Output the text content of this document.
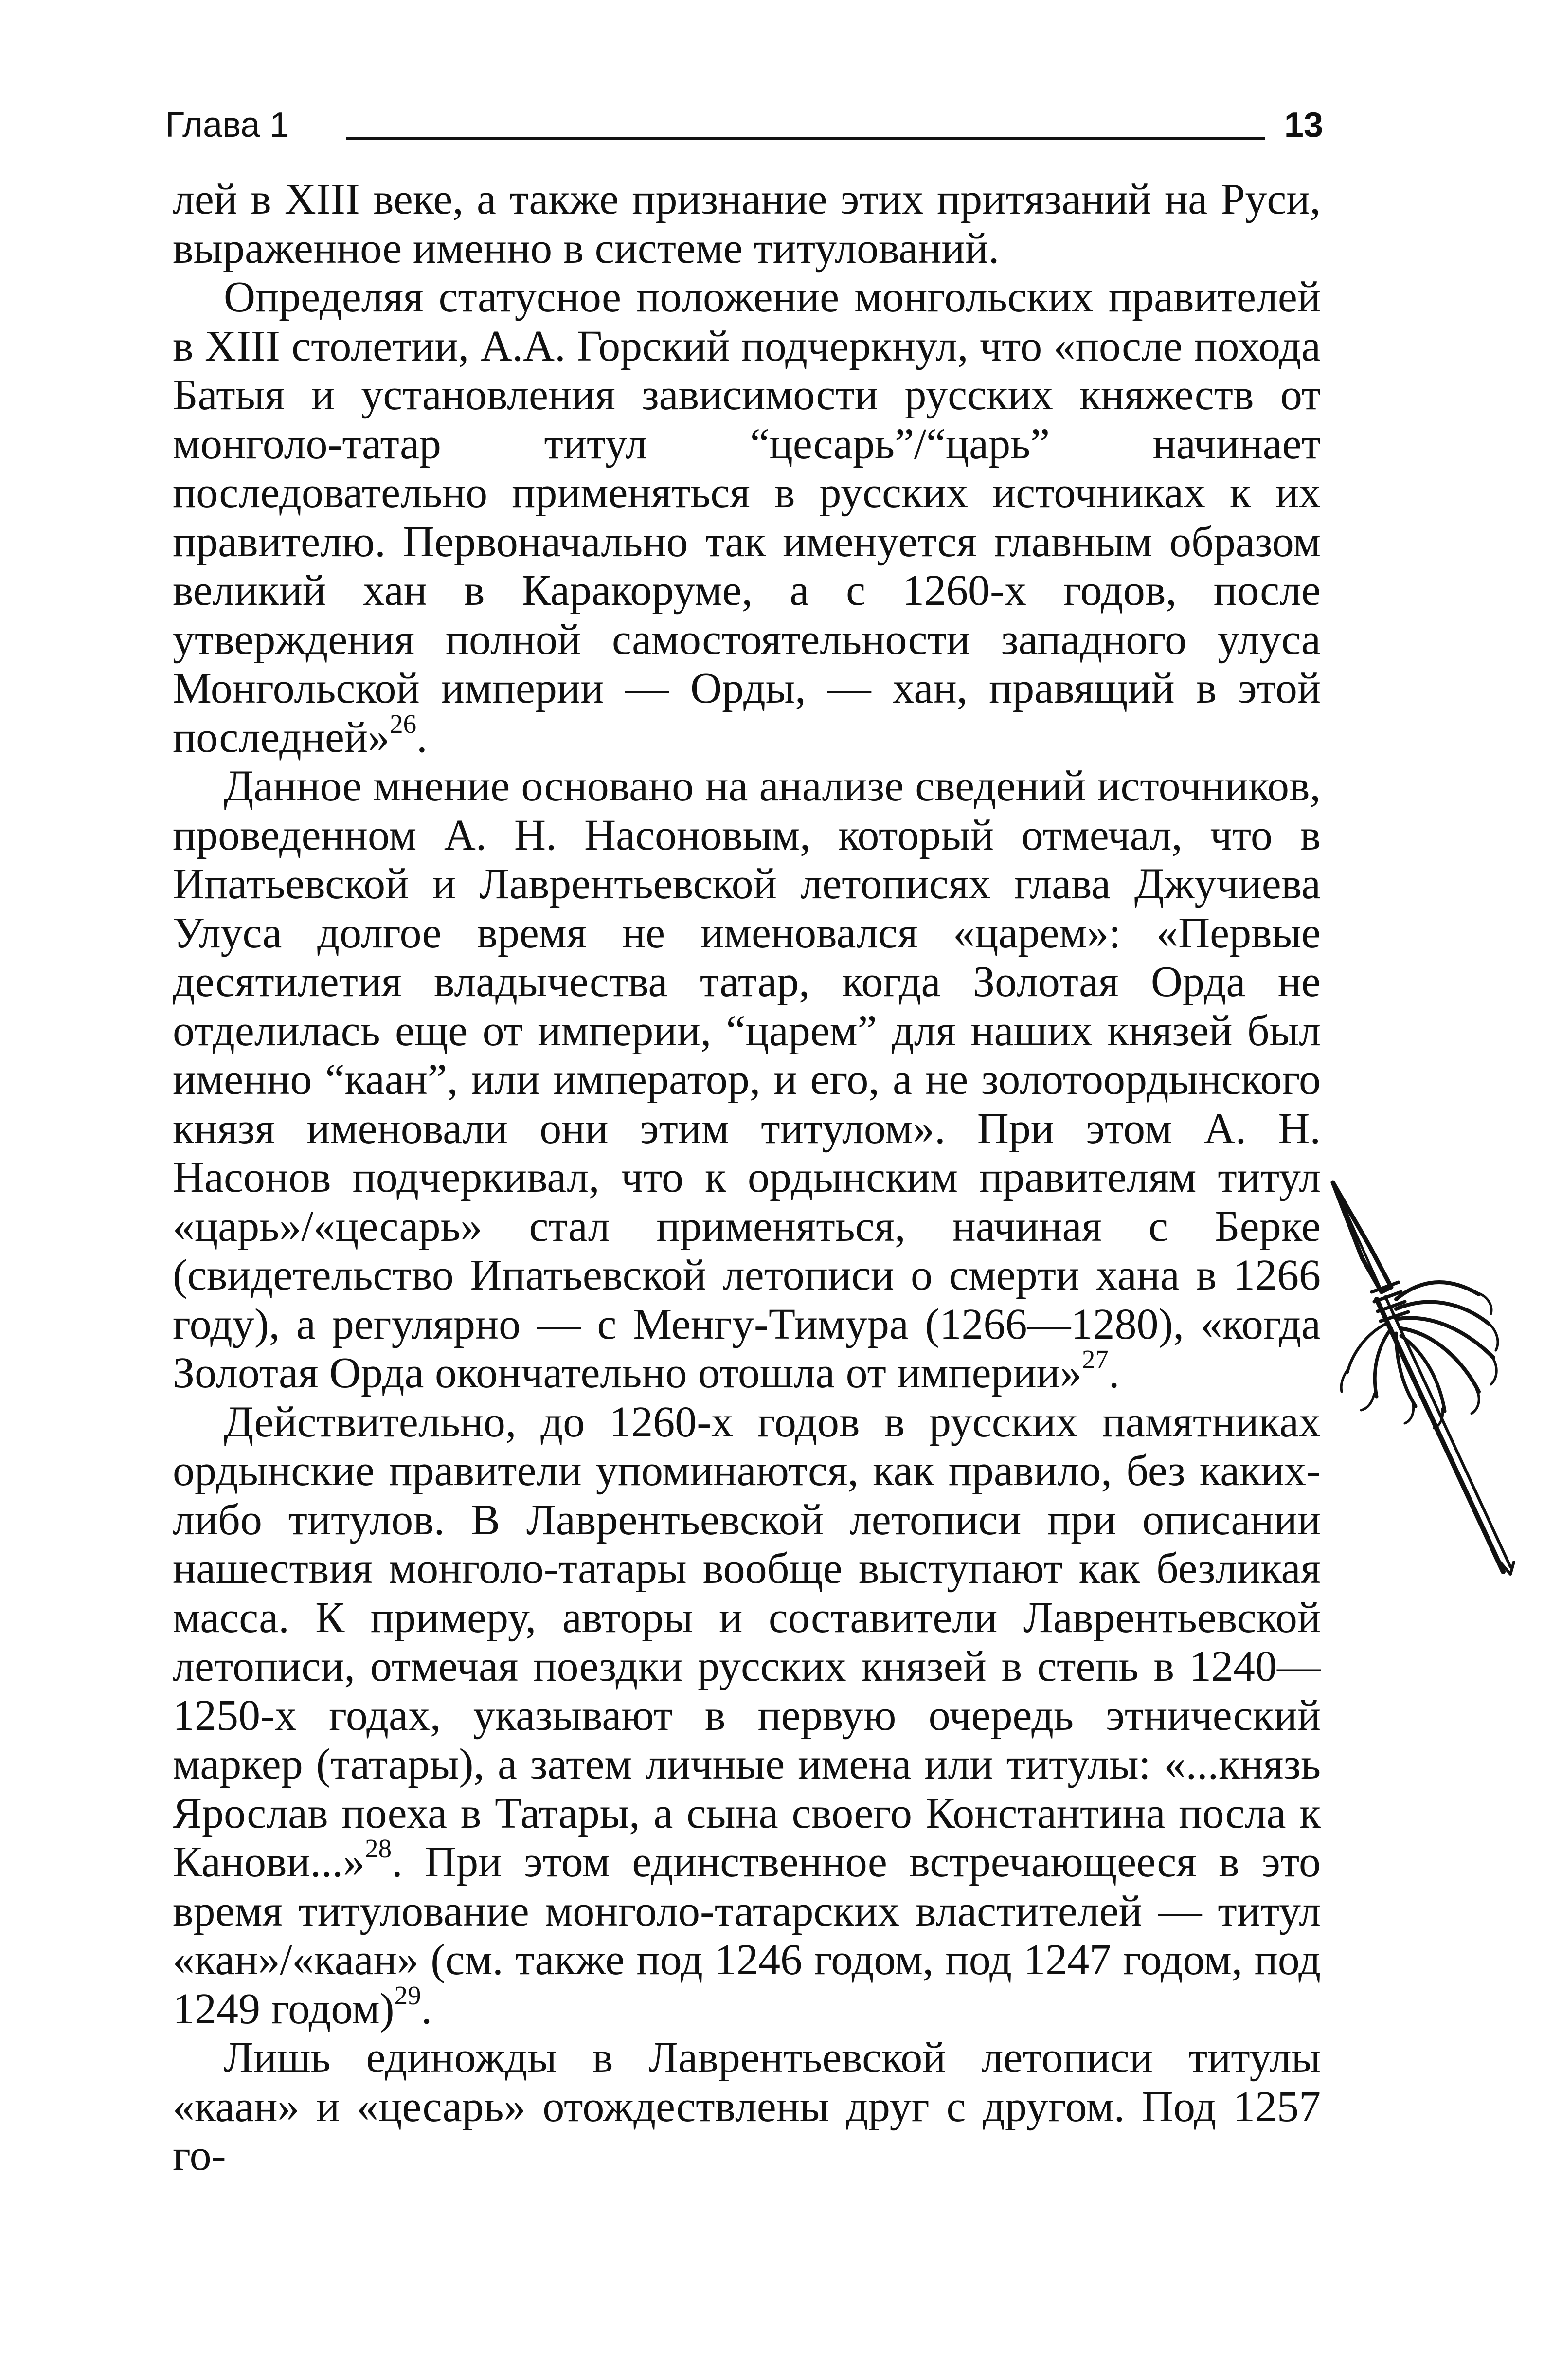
Глава 1	13

лей в XIII веке, а также признание этих притязаний на Руси, выраженное именно в системе титулований.

Определяя статусное положение монгольских правителей в XIII столетии, А.А. Горский подчеркнул, что «после похода Батыя и установления зависимости русских княжеств от монголо-татар титул “цесарь”/“царь” начинает последовательно применяться в русских источниках к их правителю. Первоначально так именуется главным образом великий хан в Каракоруме, а с 1260-х годов, после утверждения полной самостоятельности западного улуса Монгольской империи — Орды, — хан, правящий в этой последней»$^{26}$.

Данное мнение основано на анализе сведений источников, проведенном А. Н. Насоновым, который отмечал, что в Ипатьевской и Лаврентьевской летописях глава Джучиева Улуса долгое время не именовался «царем»: «Первые десятилетия владычества татар, когда Золотая Орда не отделилась еще от империи, “царем” для наших князей был именно “каан”, или император, и его, а не золотоордынского князя именовали они этим титулом». При этом А. Н. Насонов подчеркивал, что к ордынским правителям титул «царь»/«цесарь» стал применяться, начиная с Берке (свидетельство Ипатьевской летописи о смерти хана в 1266 году), а регулярно — с Менгу-Тимура (1266—1280), «когда Золотая Орда окончательно отошла от империи»$^{27}$.

Действительно, до 1260-х годов в русских памятниках ордынские правители упоминаются, как правило, без каких-либо титулов. В Лаврентьевской летописи при описании нашествия монголо-татары вообще выступают как безликая масса. К примеру, авторы и составители Лаврентьевской летописи, отмечая поездки русских князей в степь в 1240—1250-х годах, указывают в первую очередь этнический маркер (татары), а затем личные имена или титулы: «...князь Ярослав поеха в Татары, а сына своего Константина посла к Канови...»$^{28}$. При этом единственное встречающееся в это время титулование монголо-татарских властителей — титул «кан»/«каан» (см. также под 1246 годом, под 1247 годом, под 1249 годом)$^{29}$.

Лишь единожды в Лаврентьевской летописи титулы «каан» и «цесарь» отождествлены друг с другом. Под 1257 го-
